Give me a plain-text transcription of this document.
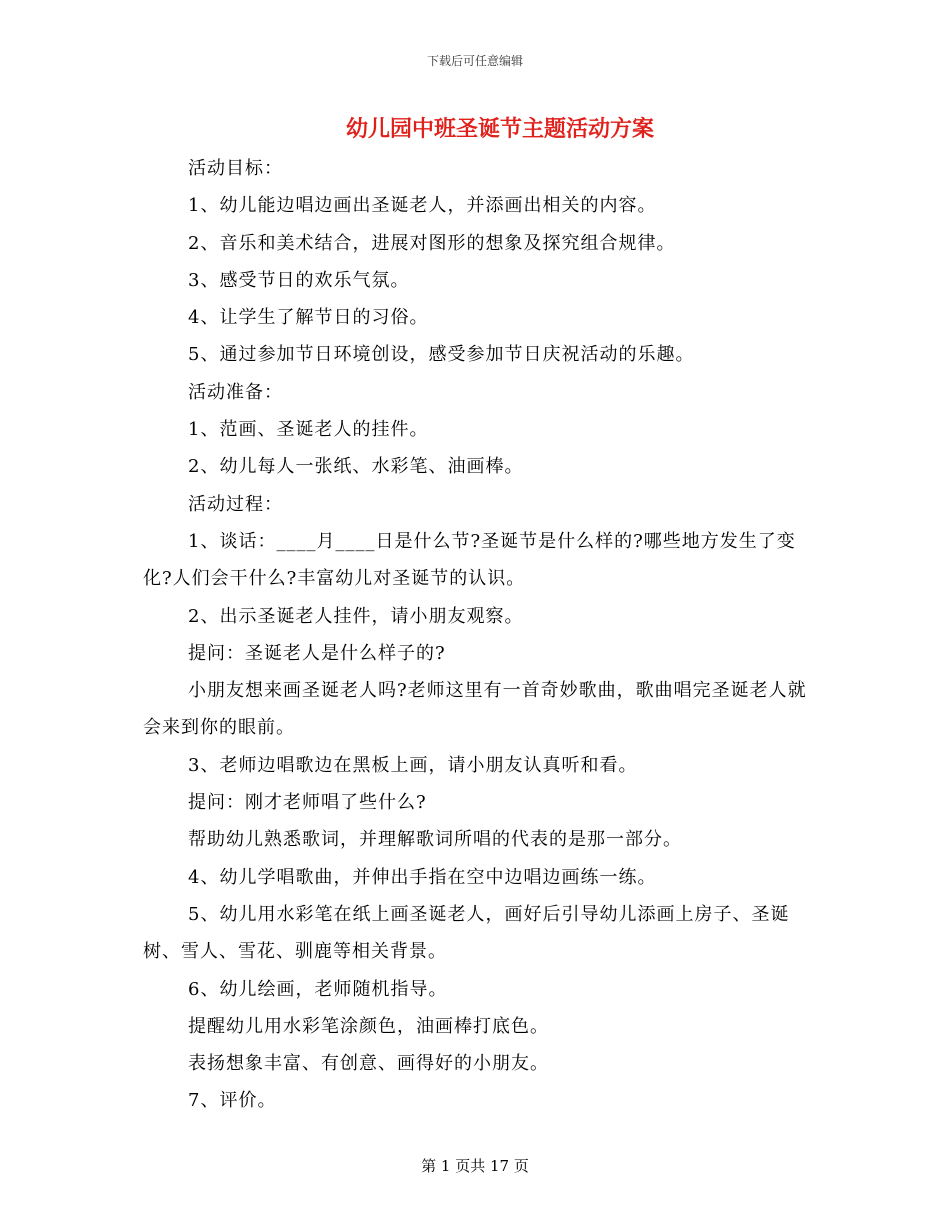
下载后可任意编辑
幼儿园中班圣诞节主题活动方案

活动目标：

1、幼儿能边唱边画出圣诞老人，并添画出相关的内容。

2、音乐和美术结合，进展对图形的想象及探究组合规律。

3、感受节日的欢乐气氛。

4、让学生了解节日的习俗。

5、通过参加节日环境创设，感受参加节日庆祝活动的乐趣。

活动准备：

1、范画、圣诞老人的挂件。

2、幼儿每人一张纸、水彩笔、油画棒。

活动过程：

1、谈话：____月____日是什么节?圣诞节是什么样的?哪些地方发生了变化?人们会干什么?丰富幼儿对圣诞节的认识。

2、出示圣诞老人挂件，请小朋友观察。

提问：圣诞老人是什么样子的?

小朋友想来画圣诞老人吗?老师这里有一首奇妙歌曲，歌曲唱完圣诞老人就会来到你的眼前。

3、老师边唱歌边在黑板上画，请小朋友认真听和看。

提问：刚才老师唱了些什么?

帮助幼儿熟悉歌词，并理解歌词所唱的代表的是那一部分。

4、幼儿学唱歌曲，并伸出手指在空中边唱边画练一练。

5、幼儿用水彩笔在纸上画圣诞老人，画好后引导幼儿添画上房子、圣诞树、雪人、雪花、驯鹿等相关背景。

6、幼儿绘画，老师随机指导。

提醒幼儿用水彩笔涂颜色，油画棒打底色。

表扬想象丰富、有创意、画得好的小朋友。

7、评价。

第 1 页共 17 页
